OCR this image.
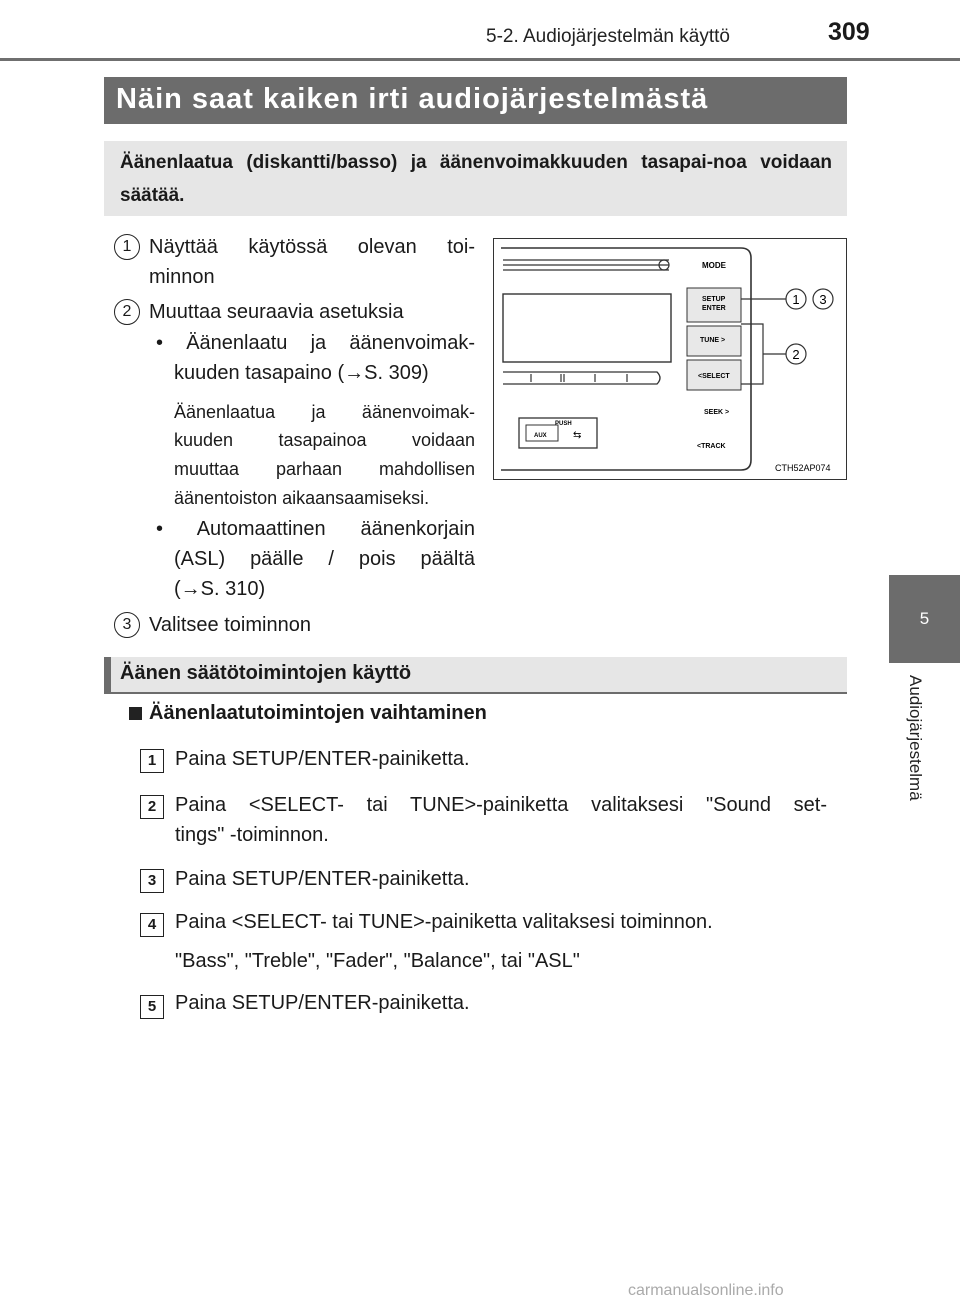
5-2. Audiojärjestelmän käyttö	309
5
Audiojärjestelmä
Näin saat kaiken irti audiojärjestelmästä
Äänenlaatua (diskantti/basso) ja äänenvoimakkuuden tasapai-noa voidaan säätää.
1 Näyttää käytössä olevan toi-
minnon
2 Muuttaa seuraavia asetuksia
• Äänenlaatu ja äänenvoimak-
kuuden tasapaino (→S. 309)
Äänenlaatua ja äänenvoimak-
kuuden tasapainoa voidaan
muuttaa parhaan mahdollisen
äänentoiston aikaansaamiseksi.
• Automaattinen äänenkorjain
(ASL) päälle / pois päältä
(→S. 310)
3 Valitsee toiminnon
PUSH
AUX	⇆
MODE
SETUP
ENTER
TUNE >
<SELECT
SEEK >
<TRACK
1 3
2
CTH52AP074
Äänen säätötoimintojen käyttö
Äänenlaatutoimintojen vaihtaminen
1 Paina SETUP/ENTER-painiketta.
2 Paina <SELECT- tai TUNE>-painiketta valitaksesi "Sound set-
tings" -toiminnon.
3 Paina SETUP/ENTER-painiketta.
4 Paina <SELECT- tai TUNE>-painiketta valitaksesi toiminnon.
"Bass", "Treble", "Fader", "Balance", tai "ASL"
5 Paina SETUP/ENTER-painiketta.
carmanualsonline.info
